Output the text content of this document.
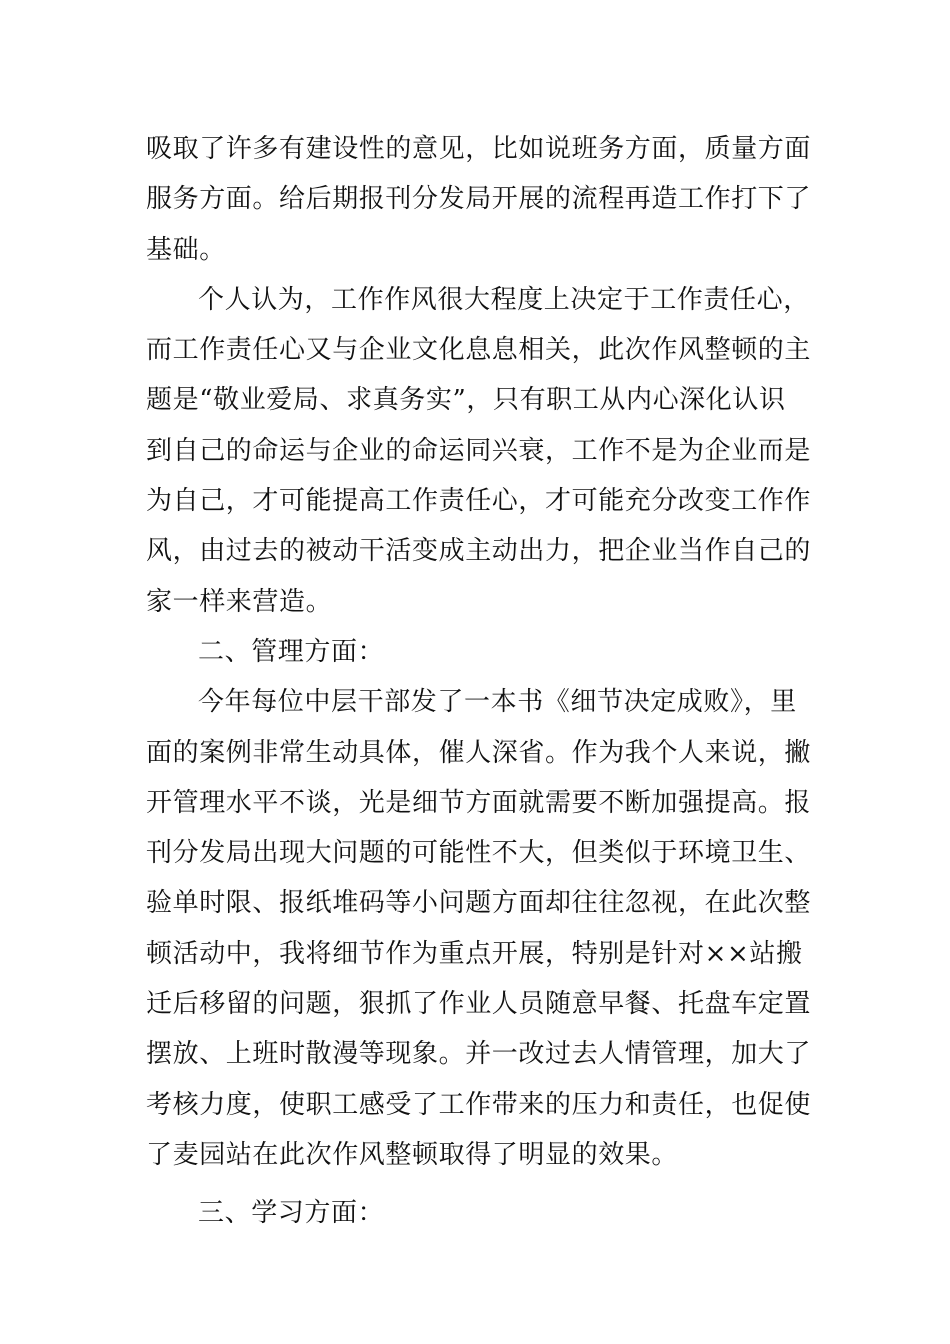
吸取了许多有建设性的意见，比如说班务方面，质量方面
服务方面。给后期报刊分发局开展的流程再造工作打下了
基础。
个人认为，工作作风很大程度上决定于工作责任心，
而工作责任心又与企业文化息息相关，此次作风整顿的主
题是“敬业爱局、求真务实”，只有职工从内心深化认识
到自己的命运与企业的命运同兴衰，工作不是为企业而是
为自己，才可能提高工作责任心，才可能充分改变工作作
风，由过去的被动干活变成主动出力，把企业当作自己的
家一样来营造。
二、管理方面：
今年每位中层干部发了一本书《细节决定成败》，里
面的案例非常生动具体，催人深省。作为我个人来说，撇
开管理水平不谈，光是细节方面就需要不断加强提高。报
刊分发局出现大问题的可能性不大，但类似于环境卫生、
验单时限、报纸堆码等小问题方面却往往忽视，在此次整
顿活动中，我将细节作为重点开展，特别是针对××站搬
迁后移留的问题，狠抓了作业人员随意早餐、托盘车定置
摆放、上班时散漫等现象。并一改过去人情管理，加大了
考核力度，使职工感受了工作带来的压力和责任，也促使
了麦园站在此次作风整顿取得了明显的效果。
三、学习方面：
